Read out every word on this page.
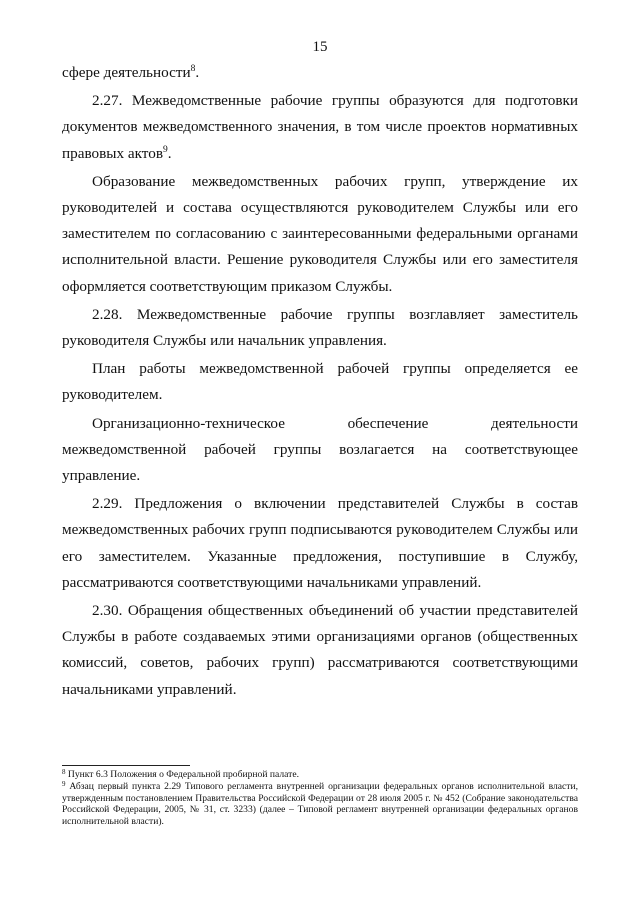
15

сфере деятельности$^8$.

2.27. Межведомственные рабочие группы образуются для подготовки документов межведомственного значения, в том числе проектов нормативных правовых актов$^9$.

Образование межведомственных рабочих групп, утверждение их руководителей и состава осуществляются руководителем Службы или его заместителем по согласованию с заинтересованными федеральными органами исполнительной власти. Решение руководителя Службы или его заместителя оформляется соответствующим приказом Службы.

2.28. Межведомственные рабочие группы возглавляет заместитель руководителя Службы или начальник управления.

План работы межведомственной рабочей группы определяется ее руководителем.

Организационно-техническое обеспечение деятельности межведомственной рабочей группы возлагается на соответствующее управление.

2.29. Предложения о включении представителей Службы в состав межведомственных рабочих групп подписываются руководителем Службы или его заместителем. Указанные предложения, поступившие в Службу, рассматриваются соответствующими начальниками управлений.

2.30. Обращения общественных объединений об участии представителей Службы в работе создаваемых этими организациями органов (общественных комиссий, советов, рабочих групп) рассматриваются соответствующими начальниками управлений.

$^8$ Пункт 6.3 Положения о Федеральной пробирной палате.

$^9$ Абзац первый пункта 2.29 Типового регламента внутренней организации федеральных органов исполнительной власти, утвержденным постановлением Правительства Российской Федерации от 28 июля 2005 г. № 452 (Собрание законодательства Российской Федерации, 2005, № 31, ст. 3233) (далее – Типовой регламент внутренней организации федеральных органов исполнительной власти).
